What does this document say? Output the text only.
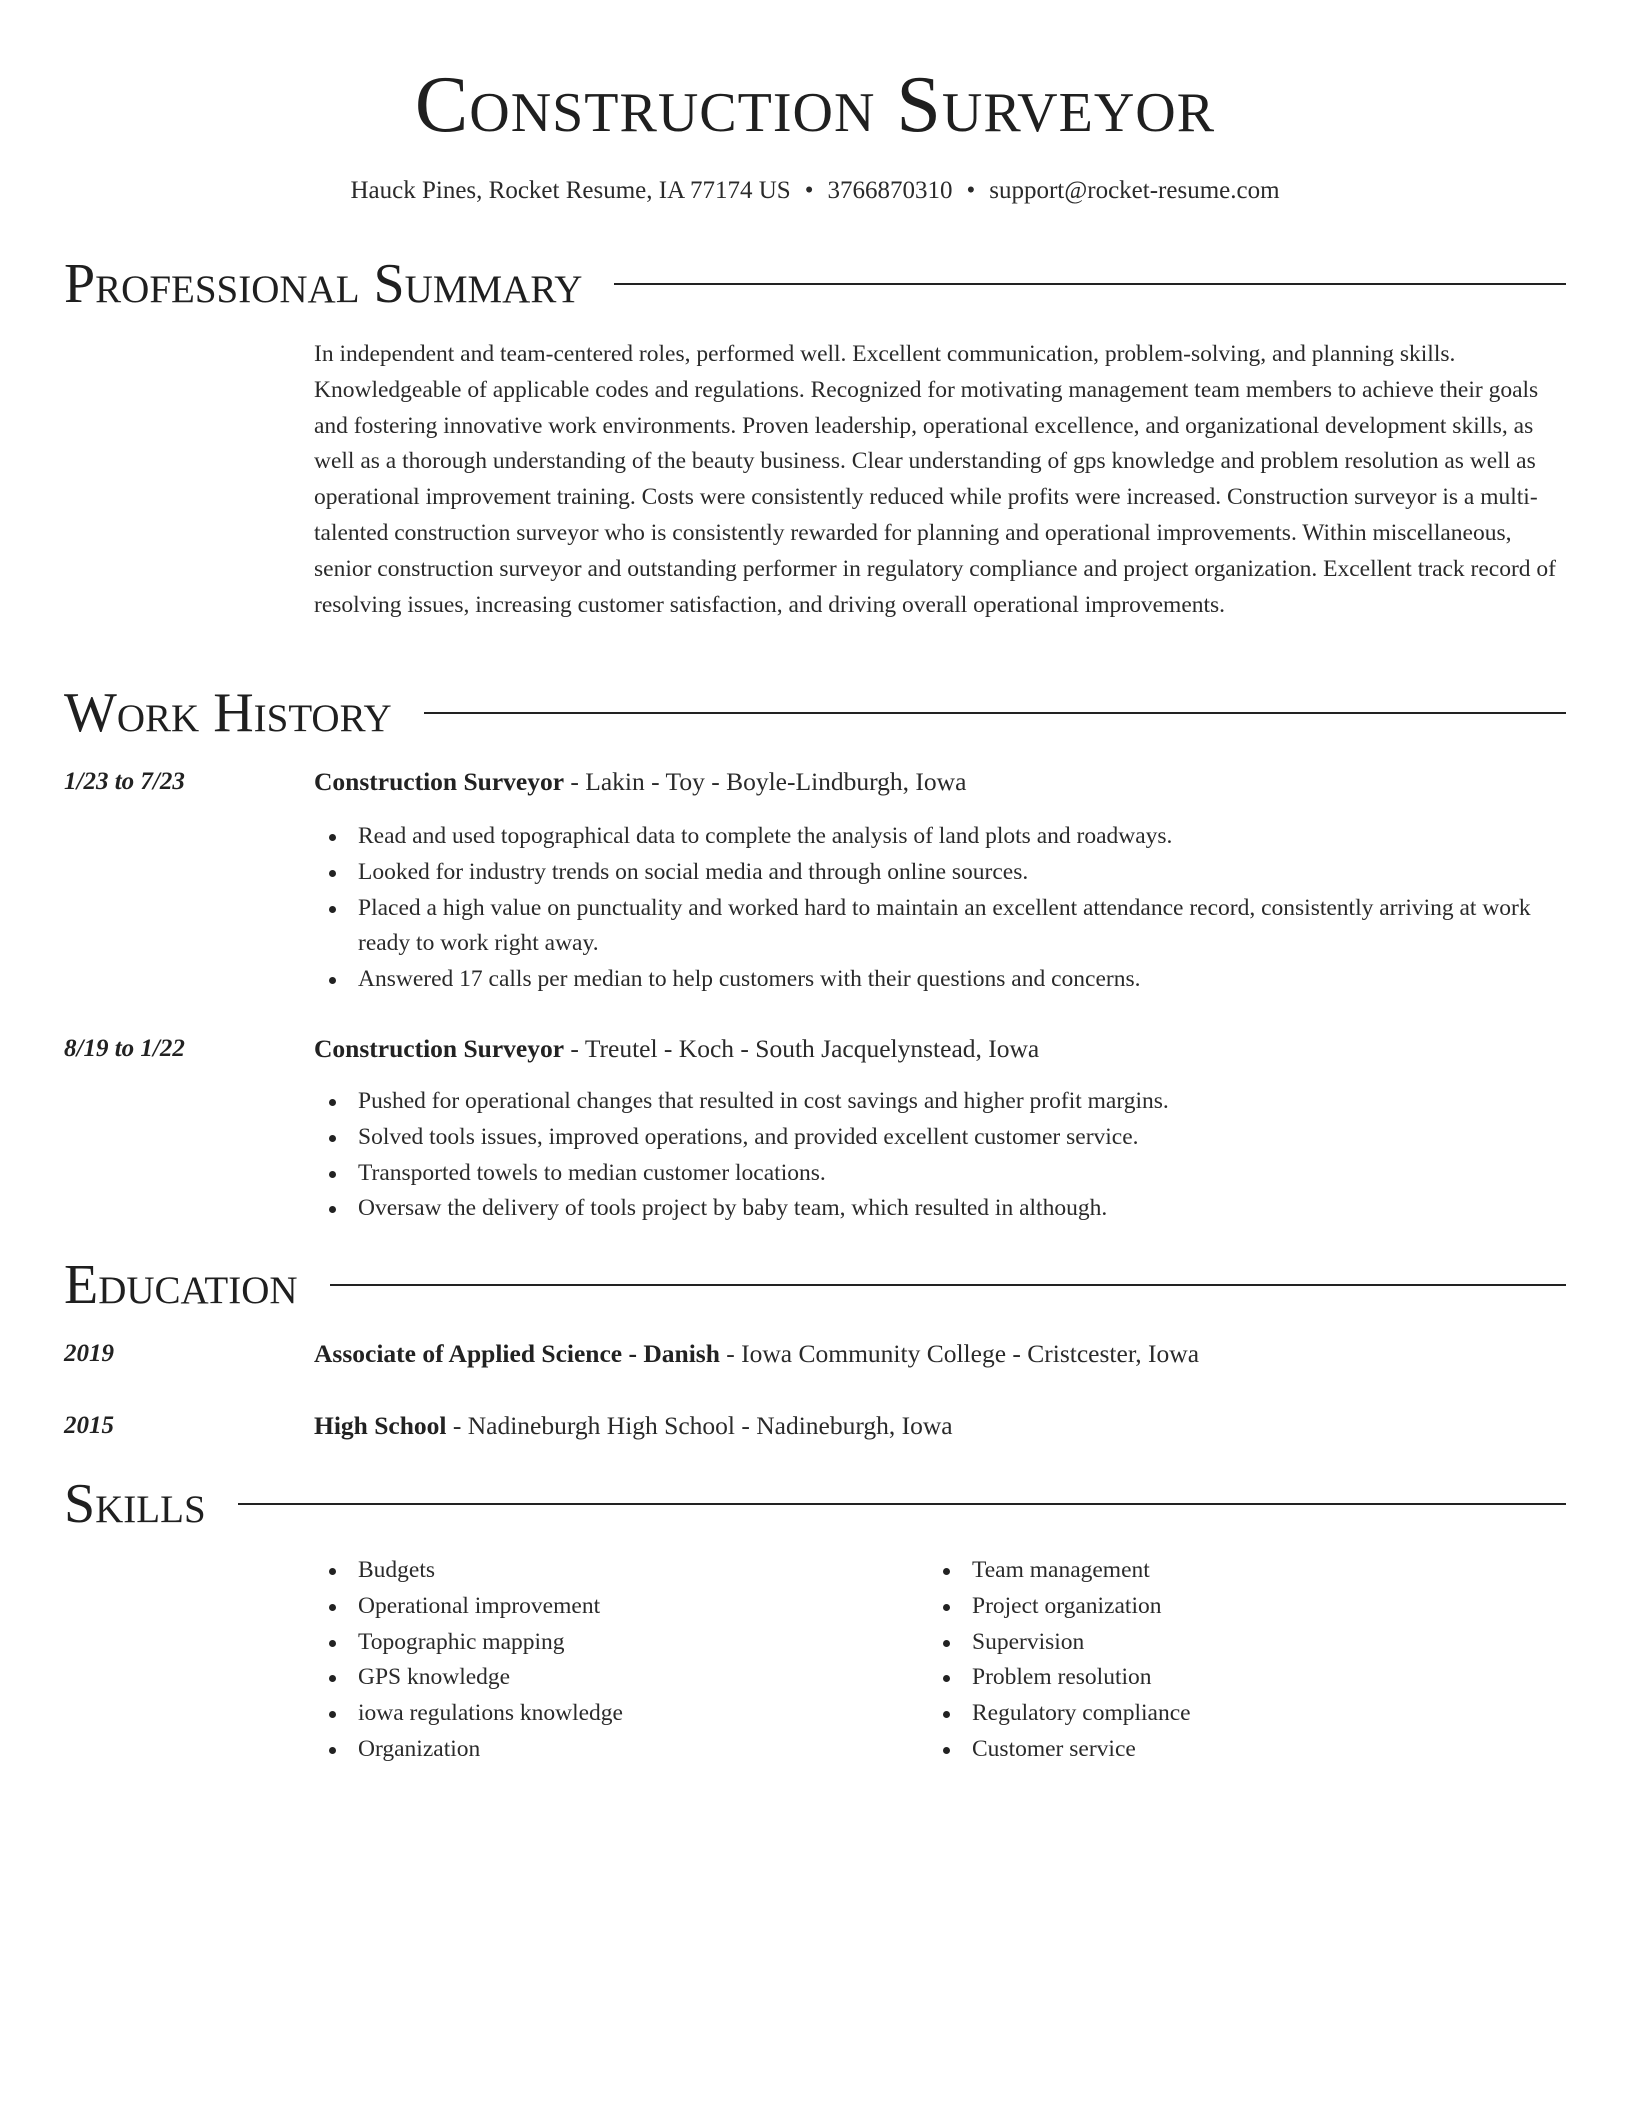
Construction Surveyor
Hauck Pines, Rocket Resume, IA 77174 US • 3766870310 • support@rocket-resume.com
Professional Summary

In independent and team-centered roles, performed well. Excellent communication, problem-solving, and planning skills. Knowledgeable of applicable codes and regulations. Recognized for motivating management team members to achieve their goals and fostering innovative work environments. Proven leadership, operational excellence, and organizational development skills, as well as a thorough understanding of the beauty business. Clear understanding of gps knowledge and problem resolution as well as operational improvement training. Costs were consistently reduced while profits were increased. Construction surveyor is a multi-talented construction surveyor who is consistently rewarded for planning and operational improvements. Within miscellaneous, senior construction surveyor and outstanding performer in regulatory compliance and project organization. Excellent track record of resolving issues, increasing customer satisfaction, and driving overall operational improvements.

Work History
1/23 to 7/23	Construction Surveyor - Lakin - Toy - Boyle-Lindburgh, Iowa
Read and used topographical data to complete the analysis of land plots and roadways.
Looked for industry trends on social media and through online sources.
Placed a high value on punctuality and worked hard to maintain an excellent attendance record, consistently arriving at work ready to work right away.
Answered 17 calls per median to help customers with their questions and concerns.
8/19 to 1/22	Construction Surveyor - Treutel - Koch - South Jacquelynstead, Iowa
Pushed for operational changes that resulted in cost savings and higher profit margins.
Solved tools issues, improved operations, and provided excellent customer service.
Transported towels to median customer locations.
Oversaw the delivery of tools project by baby team, which resulted in although.
Education
2019	Associate of Applied Science - Danish - Iowa Community College - Cristcester, Iowa
2015	High School - Nadineburgh High School - Nadineburgh, Iowa
Skills
Budgets
Operational improvement
Topographic mapping
GPS knowledge
iowa regulations knowledge
Organization
Team management
Project organization
Supervision
Problem resolution
Regulatory compliance
Customer service
